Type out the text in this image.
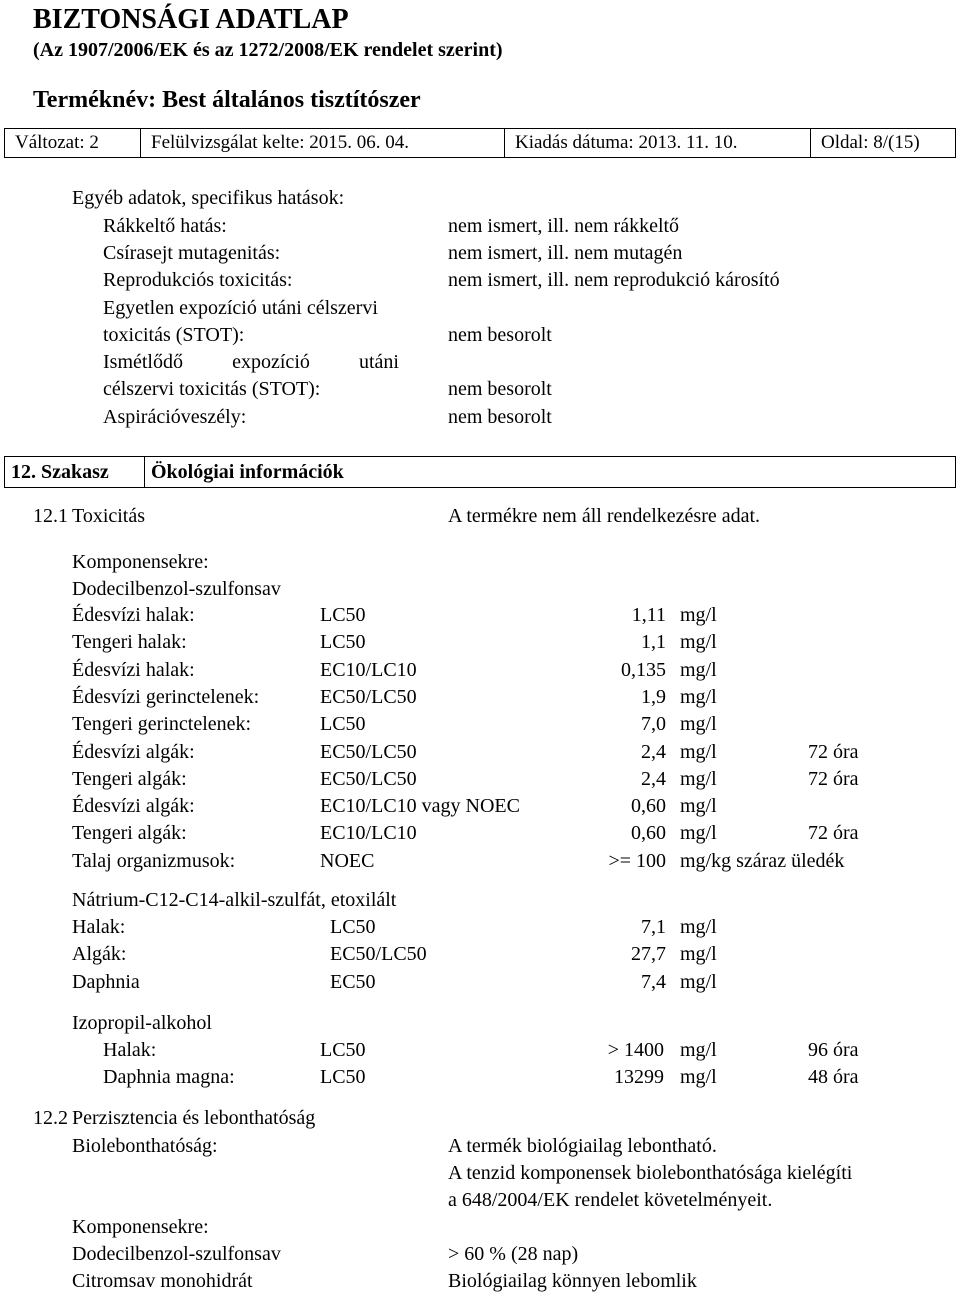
BIZTONSÁGI ADATLAP
(Az 1907/2006/EK és az 1272/2008/EK rendelet szerint)
Terméknév: Best általános tisztítószer
Változat: 2	Felülvizsgálat kelte: 2015. 06. 04.	Kiadás dátuma: 2013. 11. 10.	Oldal: 8/(15)
Egyéb adatok, specifikus hatások:
Rákkeltő hatás:	nem ismert, ill. nem rákkeltő
Csírasejt mutagenitás:	nem ismert, ill. nem mutagén
Reprodukciós toxicitás:	nem ismert, ill. nem reprodukció károsító
Egyetlen expozíció utáni célszervi
toxicitás (STOT):	nem besorolt
Ismétlődő expozíció utáni
célszervi toxicitás (STOT):	nem besorolt
Aspirációveszély:	nem besorolt
12. Szakasz	Ökológiai információk
12.1 Toxicitás	A termékre nem áll rendelkezésre adat.
Komponensekre:
Dodecilbenzol-szulfonsav
Édesvízi halak:	LC50	1,11 mg/l
Tengeri halak:	LC50	1,1 mg/l
Édesvízi halak:	EC10/LC10	0,135 mg/l
Édesvízi gerinctelenek:	EC50/LC50	1,9 mg/l
Tengeri gerinctelenek:	LC50	7,0 mg/l
Édesvízi algák:	EC50/LC50	2,4 mg/l	72 óra
Tengeri algák:	EC50/LC50	2,4 mg/l	72 óra
Édesvízi algák:	EC10/LC10 vagy NOEC	0,60 mg/l
Tengeri algák:	EC10/LC10	0,60 mg/l	72 óra
Talaj organizmusok:	NOEC	>= 100 mg/kg száraz üledék
Nátrium-C12-C14-alkil-szulfát, etoxilált
Halak:	LC50	7,1 mg/l
Algák:	EC50/LC50	27,7 mg/l
Daphnia	EC50	7,4 mg/l
Izopropil-alkohol
Halak:	LC50	> 1400 mg/l	96 óra
Daphnia magna:	LC50	13299 mg/l	48 óra
12.2 Perzisztencia és lebonthatóság
Biolebonthatóság:	A termék biológiailag lebontható.
A tenzid komponensek biolebonthatósága kielégíti
a 648/2004/EK rendelet követelményeit.
Komponensekre:
Dodecilbenzol-szulfonsav	> 60 % (28 nap)
Citromsav monohidrát	Biológiailag könnyen lebomlik
